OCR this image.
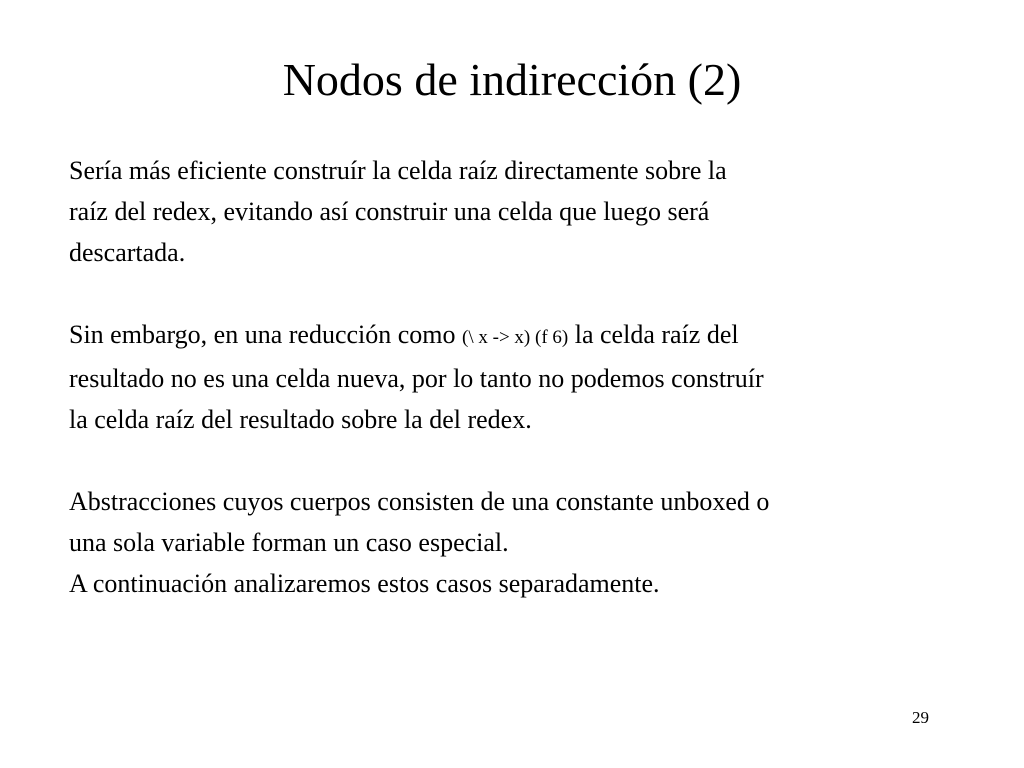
Nodos de indirección (2)
Sería más eficiente construír la celda raíz directamente sobre la
raíz del redex, evitando así construir una celda que luego será
descartada.
Sin embargo, en una reducción como (\ x -> x) (f 6) la celda raíz del
resultado no es una celda nueva, por lo tanto no podemos construír
la celda raíz del resultado sobre la del redex.
Abstracciones cuyos cuerpos consisten de una constante unboxed o
una sola variable forman un caso especial.
A continuación analizaremos estos casos separadamente.
29
